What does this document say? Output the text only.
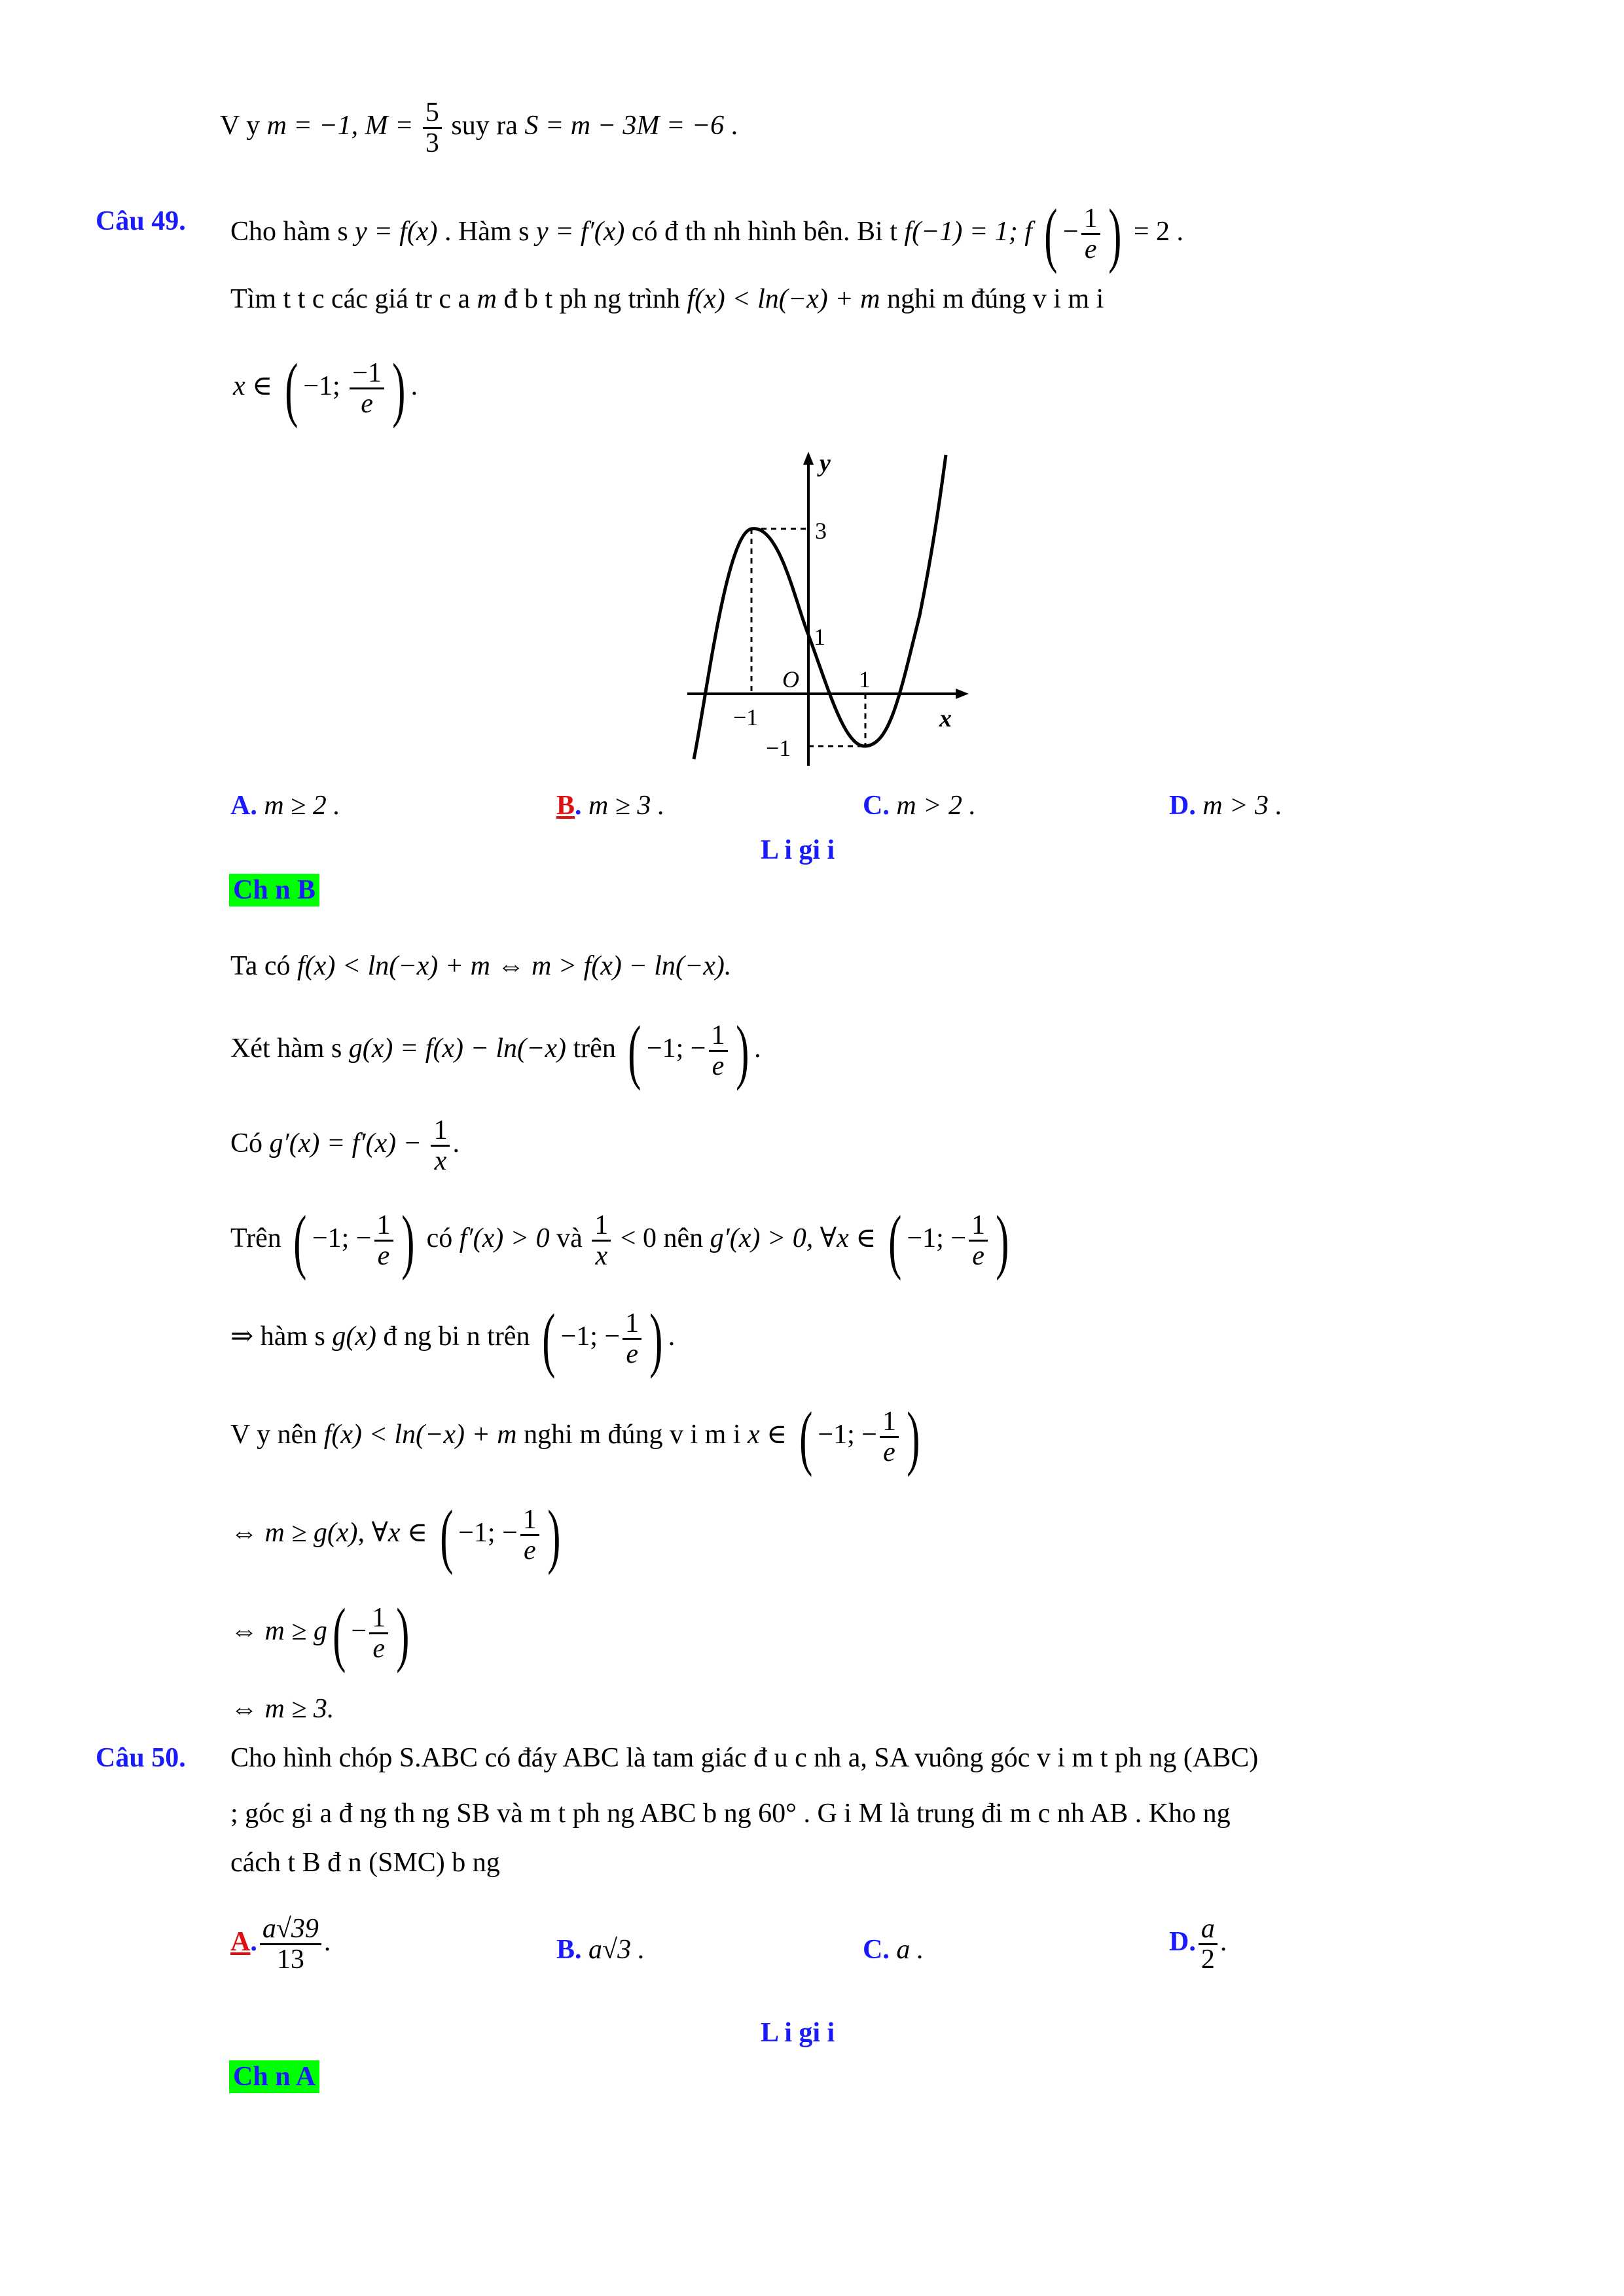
V y m = −1, $M = \frac{5}{3}$ suy ra S = m − 3M = −6 .
Câu 49. Cho hàm s y = f(x) . Hàm s y = f′(x) có đ th nh hình bên. Bi t f(−1) = 1; f ( − $\frac{1}{e}$ ) = 2 .
Tìm t t c các giá tr c a m đ b t ph ng trình f(x) < ln(−x) + m nghi m đúng v i m i
x ∈ ( −1; $\frac{-1}{e}$ ) .
y
x
O
3
1
1
−1
−1
A. m ≥ 2 .	B. m ≥ 3 .	C. m > 2 .	D. m > 3 .
L i gi i
Ch n B
Ta có f(x) < ln(−x) + m ⇔ m > f(x) − ln(−x).
Xét hàm s g(x) = f(x) − ln(−x) trên ( −1; − $\frac{1}{e}$ ) .
Có $g'(x) = f'(x) - \frac{1}{x}$ .
Trên ( −1; − $\frac{1}{e}$ ) có f′(x) > 0 và $\frac{1}{x} < 0$ nên g′(x) > 0, ∀x ∈ ( −1; − $\frac{1}{e}$ )
⇒ hàm s g(x) đ ng bi n trên ( −1; − $\frac{1}{e}$ ) .
V y nên f(x) < ln(−x) + m nghi m đúng v i m i x ∈ ( −1; − $\frac{1}{e}$ )
⇔ m ≥ g(x), ∀x ∈ ( −1; − $\frac{1}{e}$ )
⇔ $m \ge g( - \frac{1}{e}$ )
⇔ m ≥ 3.
Câu 50. Cho hình chóp S.ABC có đáy ABC là tam giác đ u c nh a, SA vuông góc v i m t ph ng (ABC)
; góc gi a đ ng th ng SB và m t ph ng ABC b ng 60° . G i M là trung đi m c nh AB . Kho ng
cách t B đ n (SMC) b ng
A. $\frac{a√39}{13}$ .	B. a√3 .	C. a .	D. $\frac{a}{2}$ .
L i gi i
Ch n A
